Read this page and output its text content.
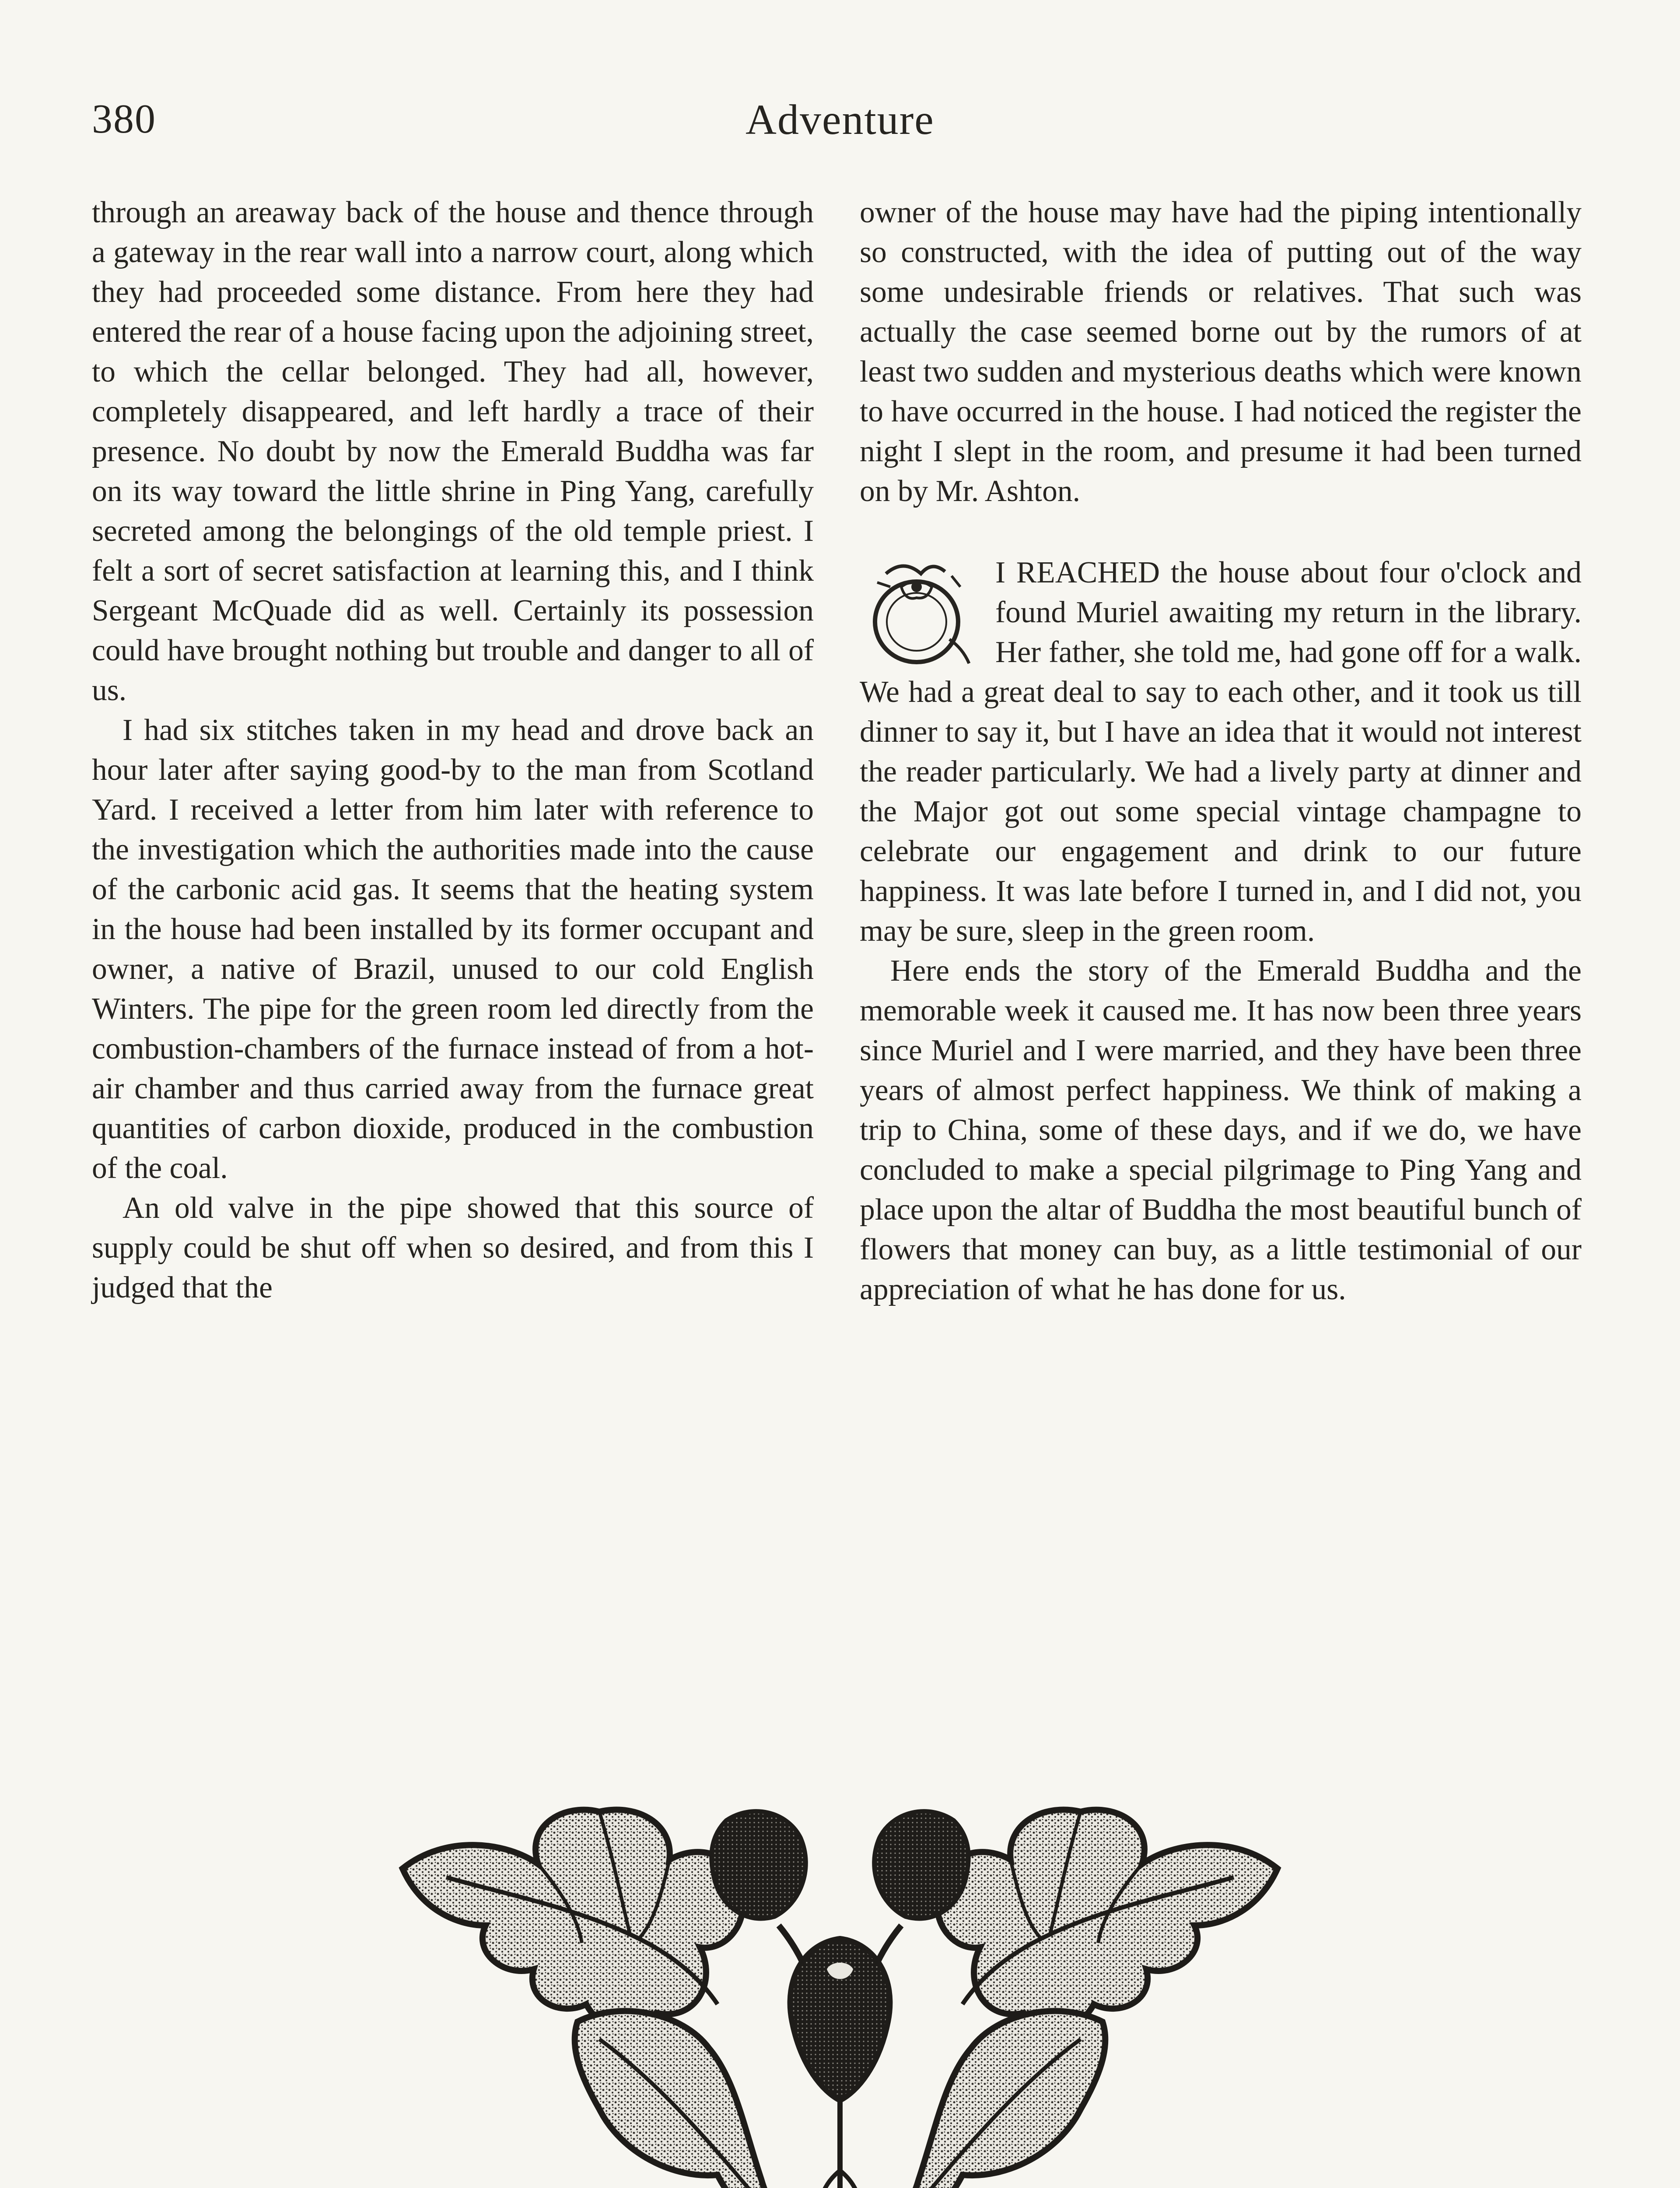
380	Adventure

through an areaway back of the house and thence through a gateway in the rear wall into a narrow court, along which they had proceeded some distance. From here they had entered the rear of a house facing upon the adjoining street, to which the cellar belonged. They had all, however, completely disappeared, and left hardly a trace of their presence. No doubt by now the Emerald Buddha was far on its way toward the little shrine in Ping Yang, carefully secreted among the belongings of the old temple priest. I felt a sort of secret satisfaction at learning this, and I think Sergeant McQuade did as well. Certainly its possession could have brought nothing but trouble and danger to all of us.

I had six stitches taken in my head and drove back an hour later after saying good-by to the man from Scotland Yard. I received a letter from him later with reference to the investigation which the authorities made into the cause of the carbonic acid gas. It seems that the heating system in the house had been installed by its former occupant and owner, a native of Brazil, unused to our cold English Winters. The pipe for the green room led directly from the combustion-chambers of the furnace instead of from a hot-air chamber and thus carried away from the furnace great quantities of carbon dioxide, produced in the combustion of the coal.

An old valve in the pipe showed that this source of supply could be shut off when so desired, and from this I judged that the

owner of the house may have had the piping intentionally so constructed, with the idea of putting out of the way some undesirable friends or relatives. That such was actually the case seemed borne out by the rumors of at least two sudden and mysterious deaths which were known to have occurred in the house. I had noticed the register the night I slept in the room, and presume it had been turned on by Mr. Ashton.

I REACHED the house about four o'clock and found Muriel awaiting my return in the library. Her father, she told me, had gone off for a walk. We had a great deal to say to each other, and it took us till dinner to say it, but I have an idea that it would not interest the reader particularly. We had a lively party at dinner and the Major got out some special vintage champagne to celebrate our engagement and drink to our future happiness. It was late before I turned in, and I did not, you may be sure, sleep in the green room.

Here ends the story of the Emerald Buddha and the memorable week it caused me. It has now been three years since Muriel and I were married, and they have been three years of almost perfect happiness. We think of making a trip to China, some of these days, and if we do, we have concluded to make a special pilgrimage to Ping Yang and place upon the altar of Buddha the most beautiful bunch of flowers that money can buy, as a little testimonial of our appreciation of what he has done for us.
